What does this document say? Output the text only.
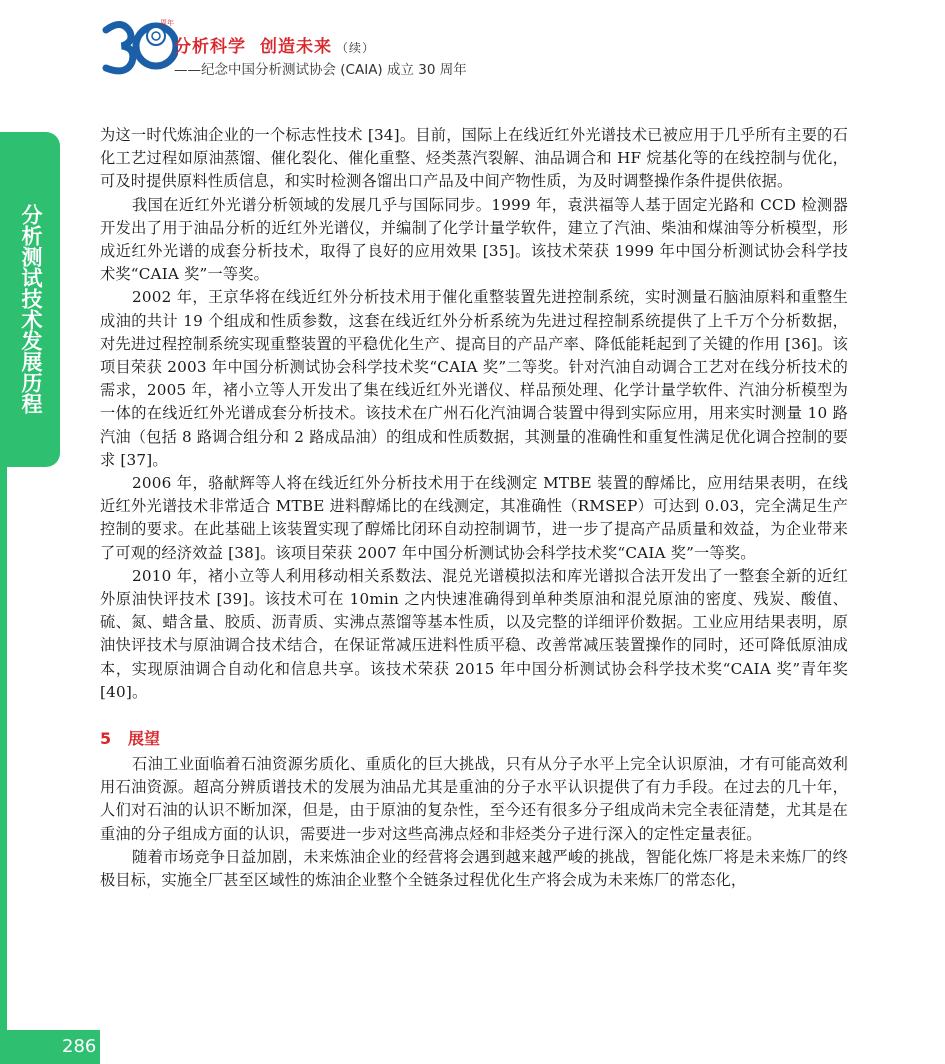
周年
分析科学 创造未来 （续）
——纪念中国分析测试协会 (CAIA) 成立 30 周年
分析测试技术发展历程
286

为这一时代炼油企业的一个标志性技术 [34]。目前，国际上在线近红外光谱技术已被应用于几乎所有主要的石化工艺过程如原油蒸馏、催化裂化、催化重整、烃类蒸汽裂解、油品调合和 HF 烷基化等的在线控制与优化，可及时提供原料性质信息，和实时检测各馏出口产品及中间产物性质，为及时调整操作条件提供依据。

我国在近红外光谱分析领域的发展几乎与国际同步。1999 年，袁洪福等人基于固定光路和 CCD 检测器开发出了用于油品分析的近红外光谱仪，并编制了化学计量学软件，建立了汽油、柴油和煤油等分析模型，形成近红外光谱的成套分析技术，取得了良好的应用效果 [35]。该技术荣获 1999 年中国分析测试协会科学技术奖“CAIA 奖”一等奖。

2002 年，王京华将在线近红外分析技术用于催化重整装置先进控制系统，实时测量石脑油原料和重整生成油的共计 19 个组成和性质参数，这套在线近红外分析系统为先进过程控制系统提供了上千万个分析数据，对先进过程控制系统实现重整装置的平稳优化生产、提高目的产品产率、降低能耗起到了关键的作用 [36]。该项目荣获 2003 年中国分析测试协会科学技术奖“CAIA 奖”二等奖。针对汽油自动调合工艺对在线分析技术的需求，2005 年，褚小立等人开发出了集在线近红外光谱仪、样品预处理、化学计量学软件、汽油分析模型为一体的在线近红外光谱成套分析技术。该技术在广州石化汽油调合装置中得到实际应用，用来实时测量 10 路汽油（包括 8 路调合组分和 2 路成品油）的组成和性质数据，其测量的准确性和重复性满足优化调合控制的要求 [37]。

2006 年，骆献辉等人将在线近红外分析技术用于在线测定 MTBE 装置的醇烯比，应用结果表明，在线近红外光谱技术非常适合 MTBE 进料醇烯比的在线测定，其准确性（RMSEP）可达到 0.03，完全满足生产控制的要求。在此基础上该装置实现了醇烯比闭环自动控制调节，进一步了提高产品质量和效益，为企业带来了可观的经济效益 [38]。该项目荣获 2007 年中国分析测试协会科学技术奖“CAIA 奖”一等奖。

2010 年，褚小立等人利用移动相关系数法、混兑光谱模拟法和库光谱拟合法开发出了一整套全新的近红外原油快评技术 [39]。该技术可在 10min 之内快速准确得到单种类原油和混兑原油的密度、残炭、酸值、硫、氮、蜡含量、胶质、沥青质、实沸点蒸馏等基本性质，以及完整的详细评价数据。工业应用结果表明，原油快评技术与原油调合技术结合，在保证常减压进料性质平稳、改善常减压装置操作的同时，还可降低原油成本，实现原油调合自动化和信息共享。该技术荣获 2015 年中国分析测试协会科学技术奖“CAIA 奖”青年奖 [40]。

5 展望

石油工业面临着石油资源劣质化、重质化的巨大挑战，只有从分子水平上完全认识原油，才有可能高效利用石油资源。超高分辨质谱技术的发展为油品尤其是重油的分子水平认识提供了有力手段。在过去的几十年，人们对石油的认识不断加深，但是，由于原油的复杂性，至今还有很多分子组成尚未完全表征清楚，尤其是在重油的分子组成方面的认识，需要进一步对这些高沸点烃和非烃类分子进行深入的定性定量表征。

随着市场竞争日益加剧，未来炼油企业的经营将会遇到越来越严峻的挑战，智能化炼厂将是未来炼厂的终极目标，实施全厂甚至区域性的炼油企业整个全链条过程优化生产将会成为未来炼厂的常态化，
